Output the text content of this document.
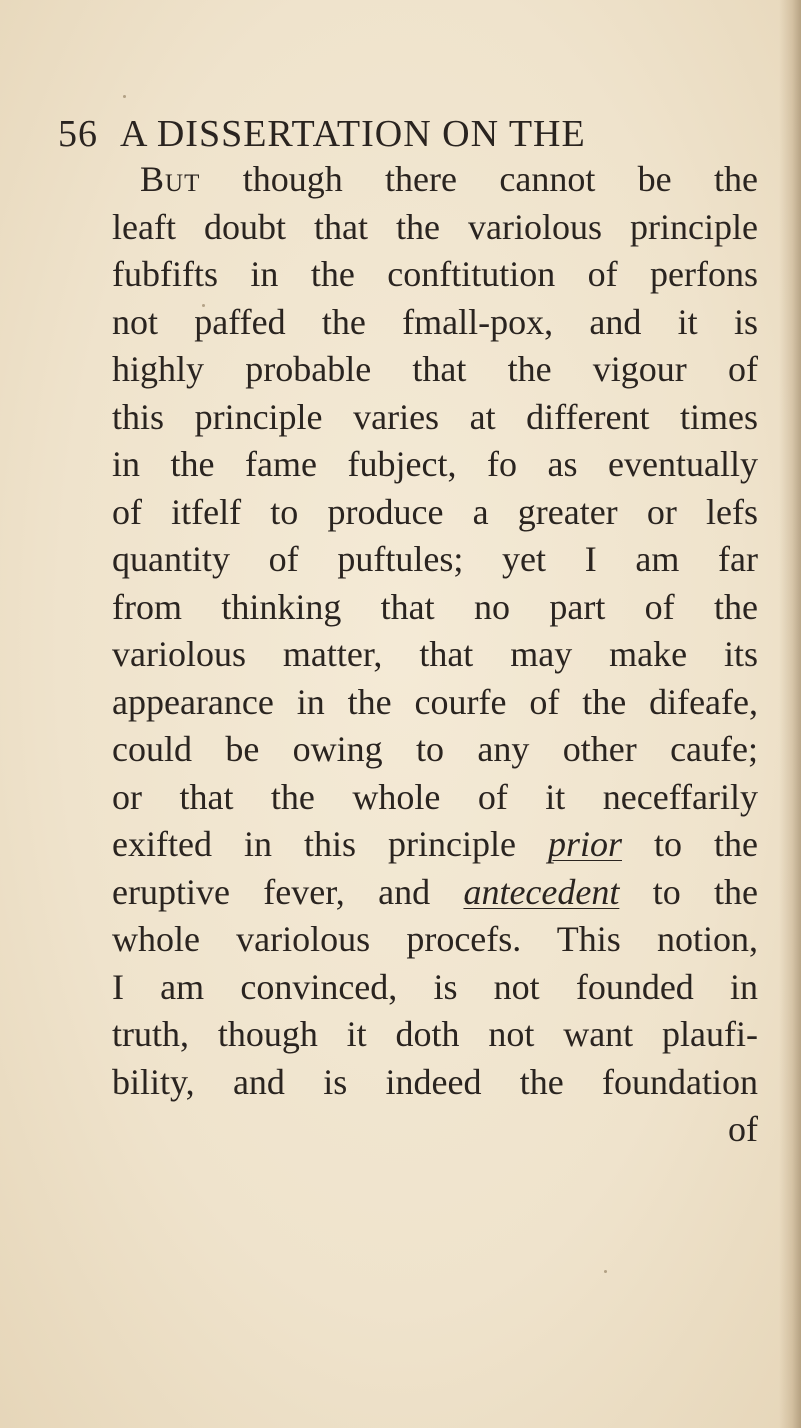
56 A DISSERTATION ON THE
But though there cannot be the
leaft doubt that the variolous principle
fubfifts in the conftitution of perfons
not paffed the fmall-pox, and it is
highly probable that the vigour of
this principle varies at different times
in the fame fubject, fo as eventually
of itfelf to produce a greater or lefs
quantity of puftules; yet I am far
from thinking that no part of the
variolous matter, that may make its
appearance in the courfe of the difeafe,
could be owing to any other caufe;
or that the whole of it neceffarily
exifted in this principle prior to the
eruptive fever, and antecedent to the
whole variolous procefs. This notion,
I am convinced, is not founded in
truth, though it doth not want plaufi-
bility, and is indeed the foundation
of
